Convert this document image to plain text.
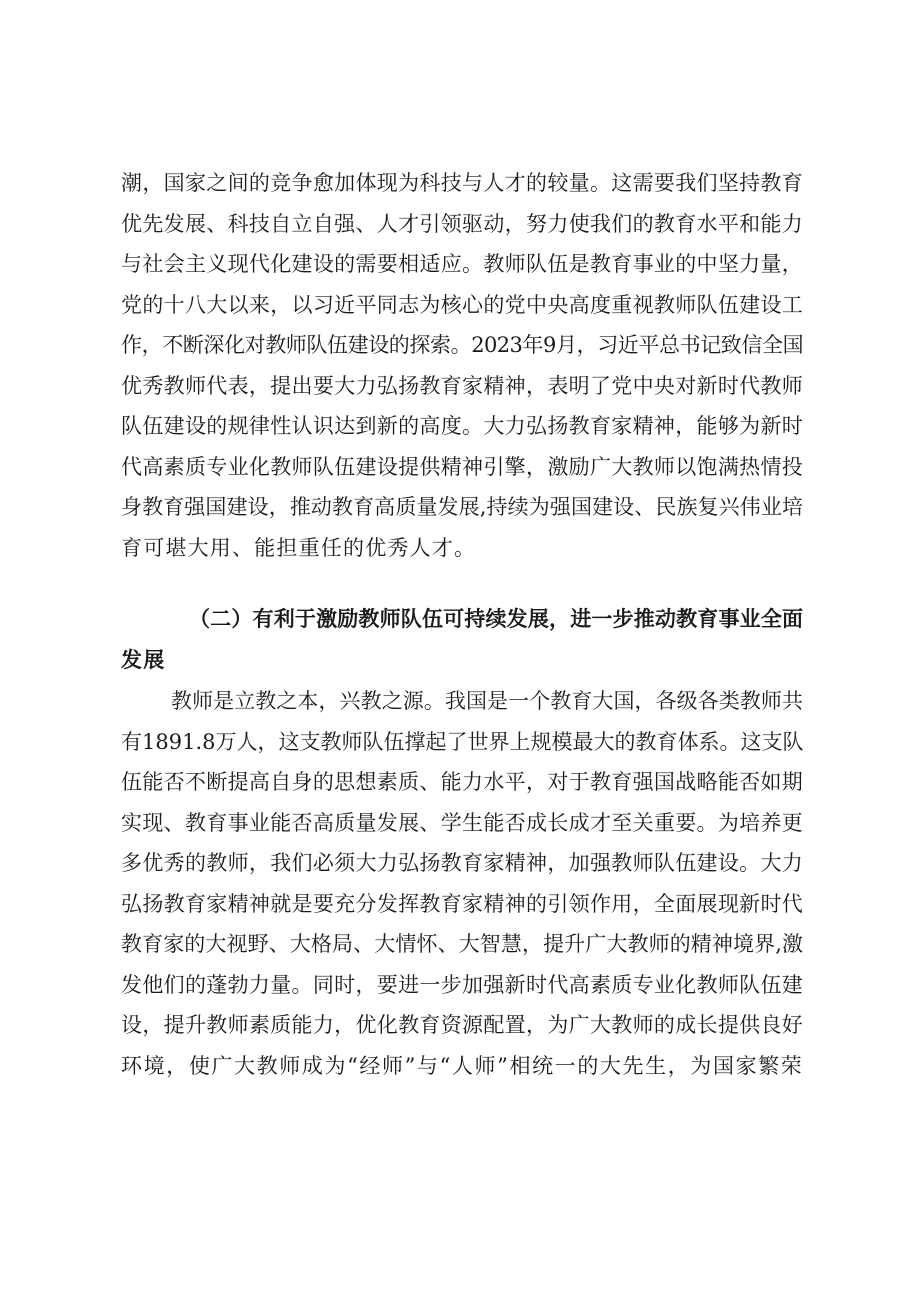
潮，国家之间的竞争愈加体现为科技与人才的较量。这需要我们坚持教育
优先发展、科技自立自强、人才引领驱动，努力使我们的教育水平和能力
与社会主义现代化建设的需要相适应。教师队伍是教育事业的中坚力量，
党的十八大以来，以习近平同志为核心的党中央高度重视教师队伍建设工
作，不断深化对教师队伍建设的探索。2023年9月，习近平总书记致信全国
优秀教师代表，提出要大力弘扬教育家精神，表明了党中央对新时代教师
队伍建设的规律性认识达到新的高度。大力弘扬教育家精神，能够为新时
代高素质专业化教师队伍建设提供精神引擎，激励广大教师以饱满热情投
身教育强国建设，推动教育高质量发展,持续为强国建设、民族复兴伟业培
育可堪大用、能担重任的优秀人才。
（二）有利于激励教师队伍可持续发展，进一步推动教育事业全面
发展
教师是立教之本，兴教之源。我国是一个教育大国，各级各类教师共
有1891.8万人，这支教师队伍撑起了世界上规模最大的教育体系。这支队
伍能否不断提高自身的思想素质、能力水平，对于教育强国战略能否如期
实现、教育事业能否高质量发展、学生能否成长成才至关重要。为培养更
多优秀的教师，我们必须大力弘扬教育家精神，加强教师队伍建设。大力
弘扬教育家精神就是要充分发挥教育家精神的引领作用，全面展现新时代
教育家的大视野、大格局、大情怀、大智慧，提升广大教师的精神境界,激
发他们的蓬勃力量。同时，要进一步加强新时代高素质专业化教师队伍建
设，提升教师素质能力，优化教育资源配置，为广大教师的成长提供良好
环境，使广大教师成为“经师”与“人师”相统一的大先生，为国家繁荣
